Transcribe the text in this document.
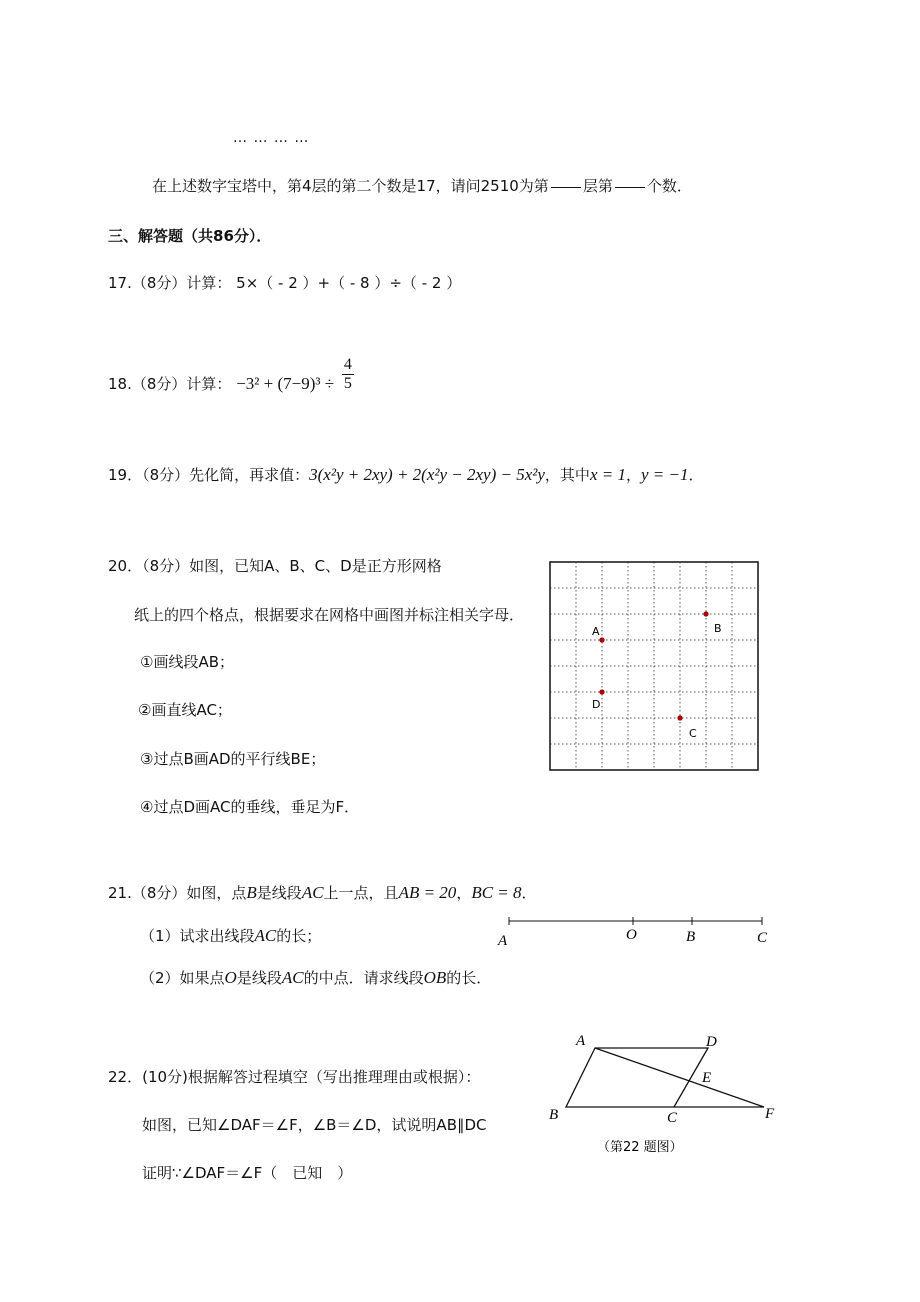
… … … …
在上述数字宝塔中，第4层的第二个数是17，请问2510为第 层第 个数．
三、解答题（共86分）．
17.（8分）计算： 5×（ - 2 ）+（ - 8 ）÷（ - 2 ）
18.（8分）计算： $-3^2 + (7-9)^3 \div \frac{4}{5}$
19．（8分）先化简，再求值：3(x²y + 2xy) + 2(x²y − 2xy) − 5x²y，其中x = 1，y = −1．
20．（8分）如图，已知A、B、C、D是正方形网格
纸上的四个格点，根据要求在网格中画图并标注相关字母．
①画线段AB；
②画直线AC；
③过点B画AD的平行线BE；
④过点D画AC的垂线，垂足为F．
A	B
D
C
21.（8分）如图，点B是线段AC上一点，且AB = 20，BC = 8．
（1）试求出线段AC的长；
（2）如果点O是线段AC的中点．请求线段OB的长．
A	O	B	C
22．(10分)根据解答过程填空（写出推理理由或根据）：
如图，已知∠DAF＝∠F，∠B＝∠D，试说明AB∥DC
证明∵∠DAF＝∠F（　已知　）
A	D
E
B	C	F
（第22 题图）
